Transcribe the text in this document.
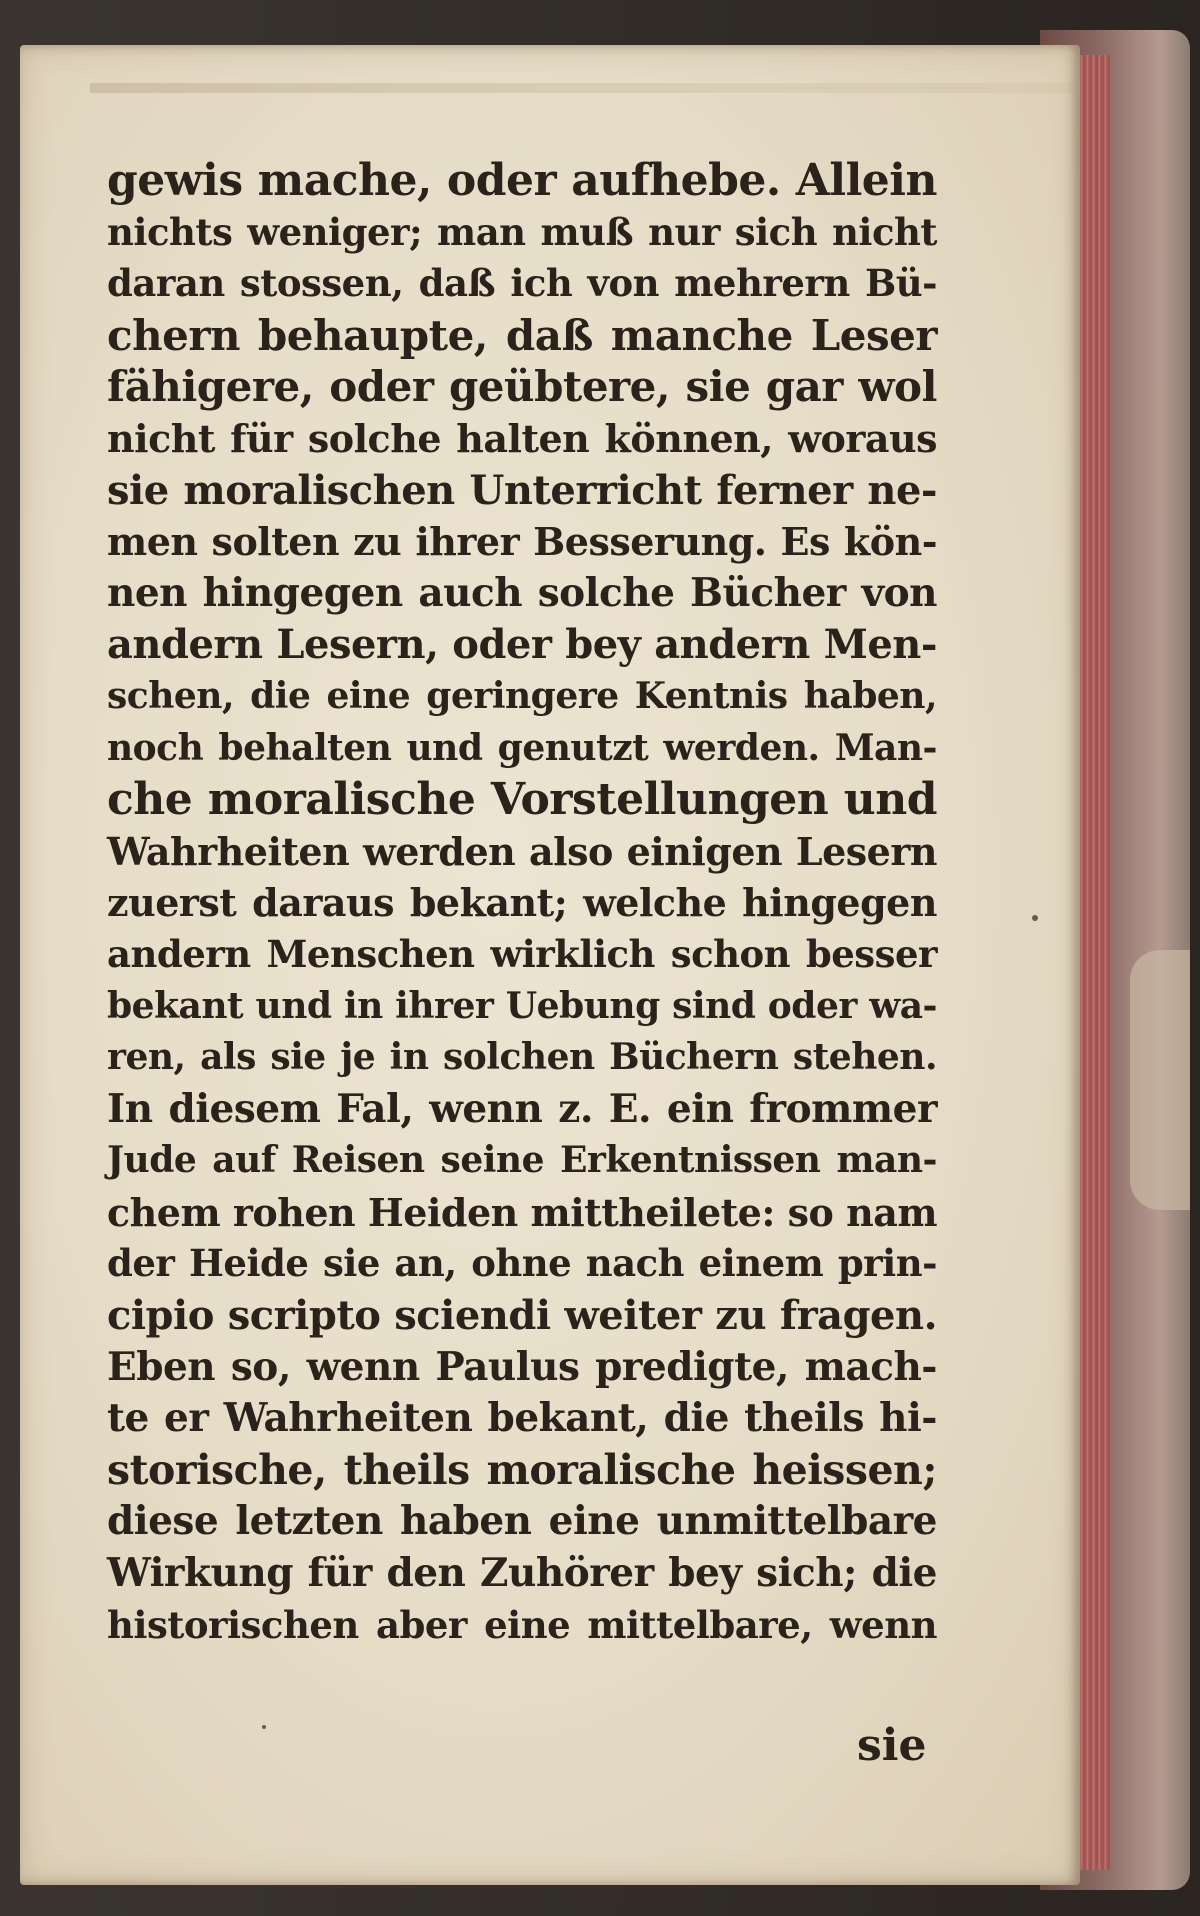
gewis mache, oder aufhebe. Allein
nichts weniger; man muß nur sich nicht
daran stossen, daß ich von mehrern Bü-
chern behaupte, daß manche Leser
fähigere, oder geübtere, sie gar wol
nicht für solche halten können, woraus
sie moralischen Unterricht ferner ne-
men solten zu ihrer Besserung. Es kön-
nen hingegen auch solche Bücher von
andern Lesern, oder bey andern Men-
schen, die eine geringere Kentnis haben,
noch behalten und genutzt werden. Man-
che moralische Vorstellungen und
Wahrheiten werden also einigen Lesern
zuerst daraus bekant; welche hingegen
andern Menschen wirklich schon besser
bekant und in ihrer Uebung sind oder wa-
ren, als sie je in solchen Büchern stehen.
In diesem Fal, wenn z. E. ein frommer
Jude auf Reisen seine Erkentnissen man-
chem rohen Heiden mittheilete: so nam
der Heide sie an, ohne nach einem prin-
cipio scripto sciendi weiter zu fragen.
Eben so, wenn Paulus predigte, mach-
te er Wahrheiten bekant, die theils hi-
storische, theils moralische heissen;
diese letzten haben eine unmittelbare
Wirkung für den Zuhörer bey sich; die
historischen aber eine mittelbare, wenn
sie
